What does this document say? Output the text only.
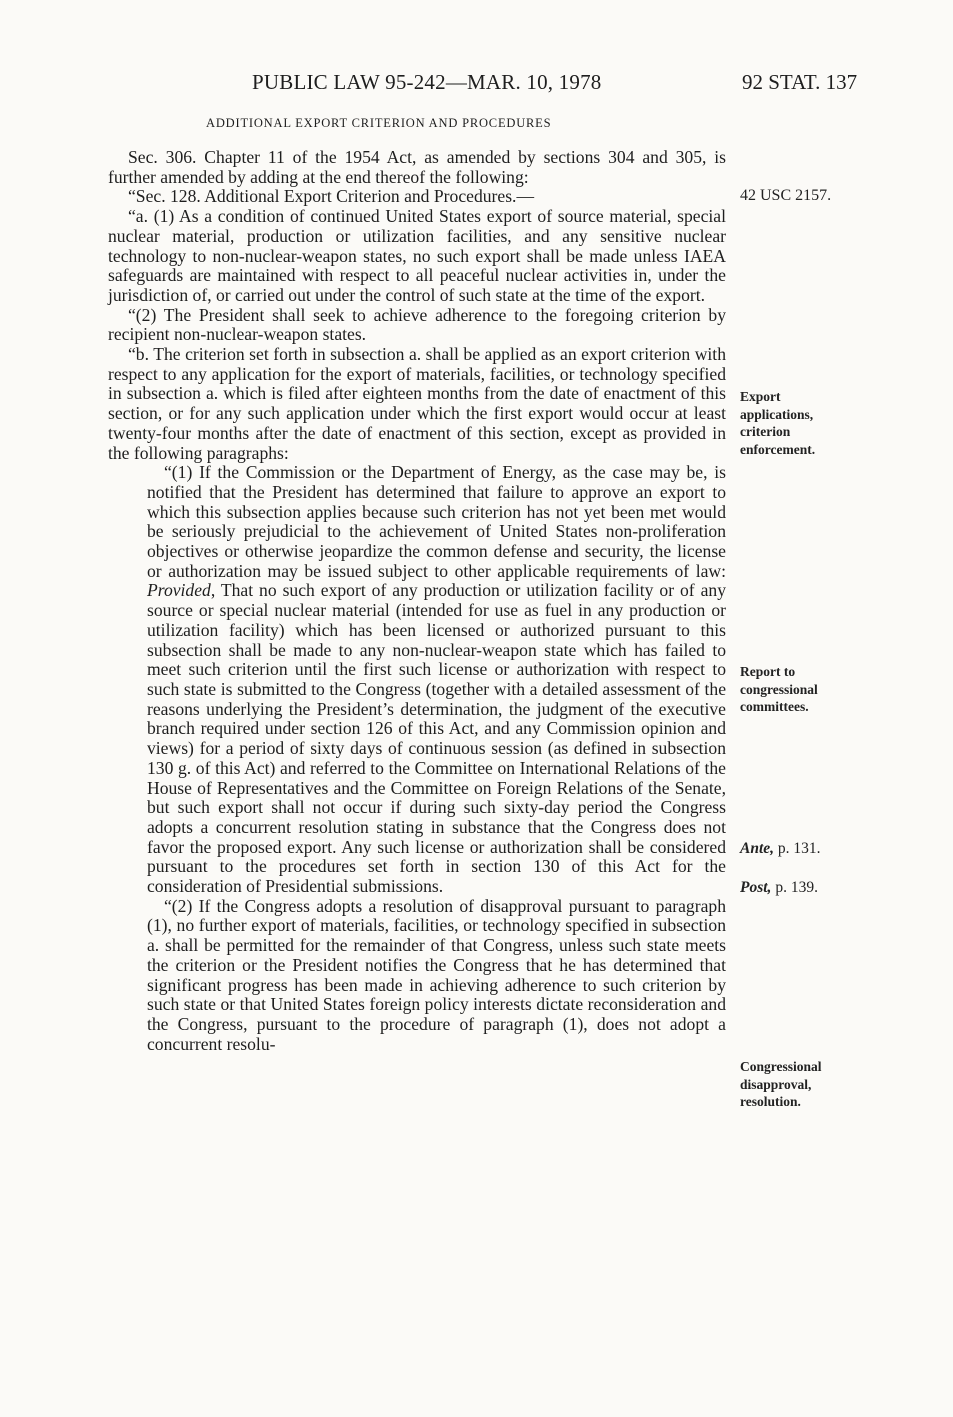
PUBLIC LAW 95-242—MAR. 10, 1978	92 STAT. 137
ADDITIONAL EXPORT CRITERION AND PROCEDURES

Sec. 306. Chapter 11 of the 1954 Act, as amended by sections 304 and 305, is further amended by adding at the end thereof the following:

“Sec. 128. Additional Export Criterion and Procedures.—

“a. (1) As a condition of continued United States export of source material, special nuclear material, production or utilization facilities, and any sensitive nuclear technology to non-nuclear-weapon states, no such export shall be made unless IAEA safeguards are maintained with respect to all peaceful nuclear activities in, under the jurisdiction of, or carried out under the control of such state at the time of the export.

“(2) The President shall seek to achieve adherence to the foregoing criterion by recipient non-nuclear-weapon states.

“b. The criterion set forth in subsection a. shall be applied as an export criterion with respect to any application for the export of materials, facilities, or technology specified in subsection a. which is filed after eighteen months from the date of enactment of this section, or for any such application under which the first export would occur at least twenty-four months after the date of enactment of this section, except as provided in the following paragraphs:

“(1) If the Commission or the Department of Energy, as the case may be, is notified that the President has determined that failure to approve an export to which this subsection applies because such criterion has not yet been met would be seriously prejudicial to the achievement of United States non-proliferation objectives or otherwise jeopardize the common defense and security, the license or authorization may be issued subject to other applicable requirements of law: Provided, That no such export of any production or utilization facility or of any source or special nuclear material (intended for use as fuel in any production or utilization facility) which has been licensed or authorized pursuant to this subsection shall be made to any non-nuclear-weapon state which has failed to meet such criterion until the first such license or authorization with respect to such state is submitted to the Congress (together with a detailed assessment of the reasons underlying the President’s determination, the judgment of the executive branch required under section 126 of this Act, and any Commission opinion and views) for a period of sixty days of continuous session (as defined in subsection 130 g. of this Act) and referred to the Committee on International Relations of the House of Representatives and the Committee on Foreign Relations of the Senate, but such export shall not occur if during such sixty-day period the Congress adopts a concurrent resolution stating in substance that the Congress does not favor the proposed export. Any such license or authorization shall be considered pursuant to the procedures set forth in section 130 of this Act for the consideration of Presidential submissions.

“(2) If the Congress adopts a resolution of disapproval pursuant to paragraph (1), no further export of materials, facilities, or technology specified in subsection a. shall be permitted for the remainder of that Congress, unless such state meets the criterion or the President notifies the Congress that he has determined that significant progress has been made in achieving adherence to such criterion by such state or that United States foreign policy interests dictate reconsideration and the Congress, pursuant to the procedure of paragraph (1), does not adopt a concurrent resolu-

42 USC 2157.
Export
applications,
criterion
enforcement.
Report to
congressional
committees.
Ante, p. 131.
Post, p. 139.
Congressional
disapproval,
resolution.
